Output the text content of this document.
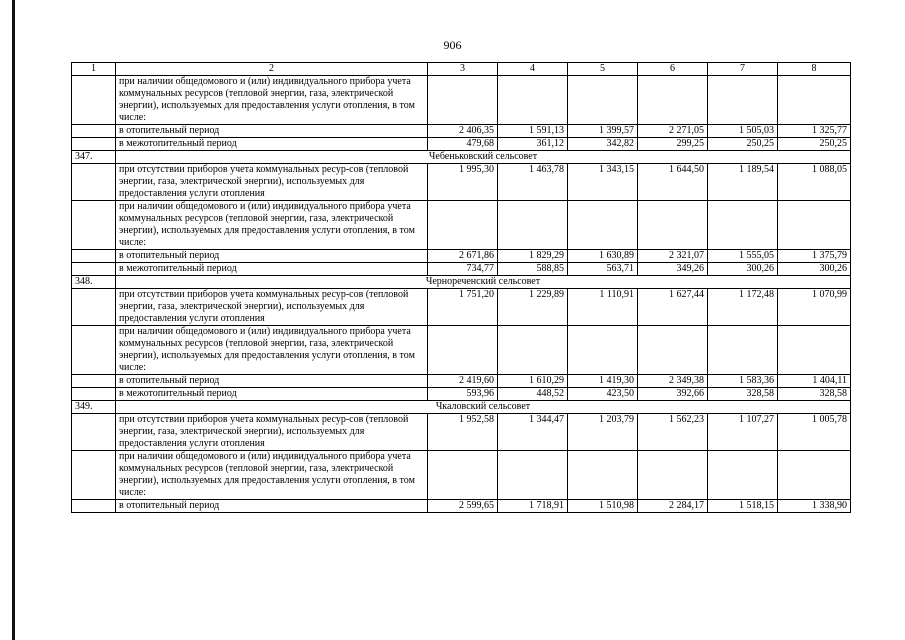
906
1	2	3	4	5	6	7	8
	при наличии общедомового и (или) индивидуального прибора учета коммунальных ресурсов (тепловой энергии, газа, электрической энергии), используемых для предоставления услуги отопления, в том числе:						
	в отопительный период	2 406,35	1 591,13	1 399,57	2 271,05	1 505,03	1 325,77
	в межотопительный период	479,68	361,12	342,82	299,25	250,25	250,25
347.	Чебеньковский сельсовет						
	при отсутствии приборов учета коммунальных ресур-сов (тепловой энергии, газа, электрической энергии), используемых для предоставления услуги отопления	1 995,30	1 463,78	1 343,15	1 644,50	1 189,54	1 088,05
	при наличии общедомового и (или) индивидуального прибора учета коммунальных ресурсов (тепловой энергии, газа, электрической энергии), используемых для предоставления услуги отопления, в том числе:						
	в отопительный период	2 671,86	1 829,29	1 630,89	2 321,07	1 555,05	1 375,79
	в межотопительный период	734,77	588,85	563,71	349,26	300,26	300,26
348.	Чернореченский сельсовет						
	при отсутствии приборов учета коммунальных ресур-сов (тепловой энергии, газа, электрической энергии), используемых для предоставления услуги отопления	1 751,20	1 229,89	1 110,91	1 627,44	1 172,48	1 070,99
	при наличии общедомового и (или) индивидуального прибора учета коммунальных ресурсов (тепловой энергии, газа, электрической энергии), используемых для предоставления услуги отопления, в том числе:						
	в отопительный период	2 419,60	1 610,29	1 419,30	2 349,38	1 583,36	1 404,11
	в межотопительный период	593,96	448,52	423,50	392,66	328,58	328,58
349.	Чкаловский сельсовет						
	при отсутствии приборов учета коммунальных ресур-сов (тепловой энергии, газа, электрической энергии), используемых для предоставления услуги отопления	1 952,58	1 344,47	1 203,79	1 562,23	1 107,27	1 005,78
	при наличии общедомового и (или) индивидуального прибора учета коммунальных ресурсов (тепловой энергии, газа, электрической энергии), используемых для предоставления услуги отопления, в том числе:						
	в отопительный период	2 599,65	1 718,91	1 510,98	2 284,17	1 518,15	1 338,90
